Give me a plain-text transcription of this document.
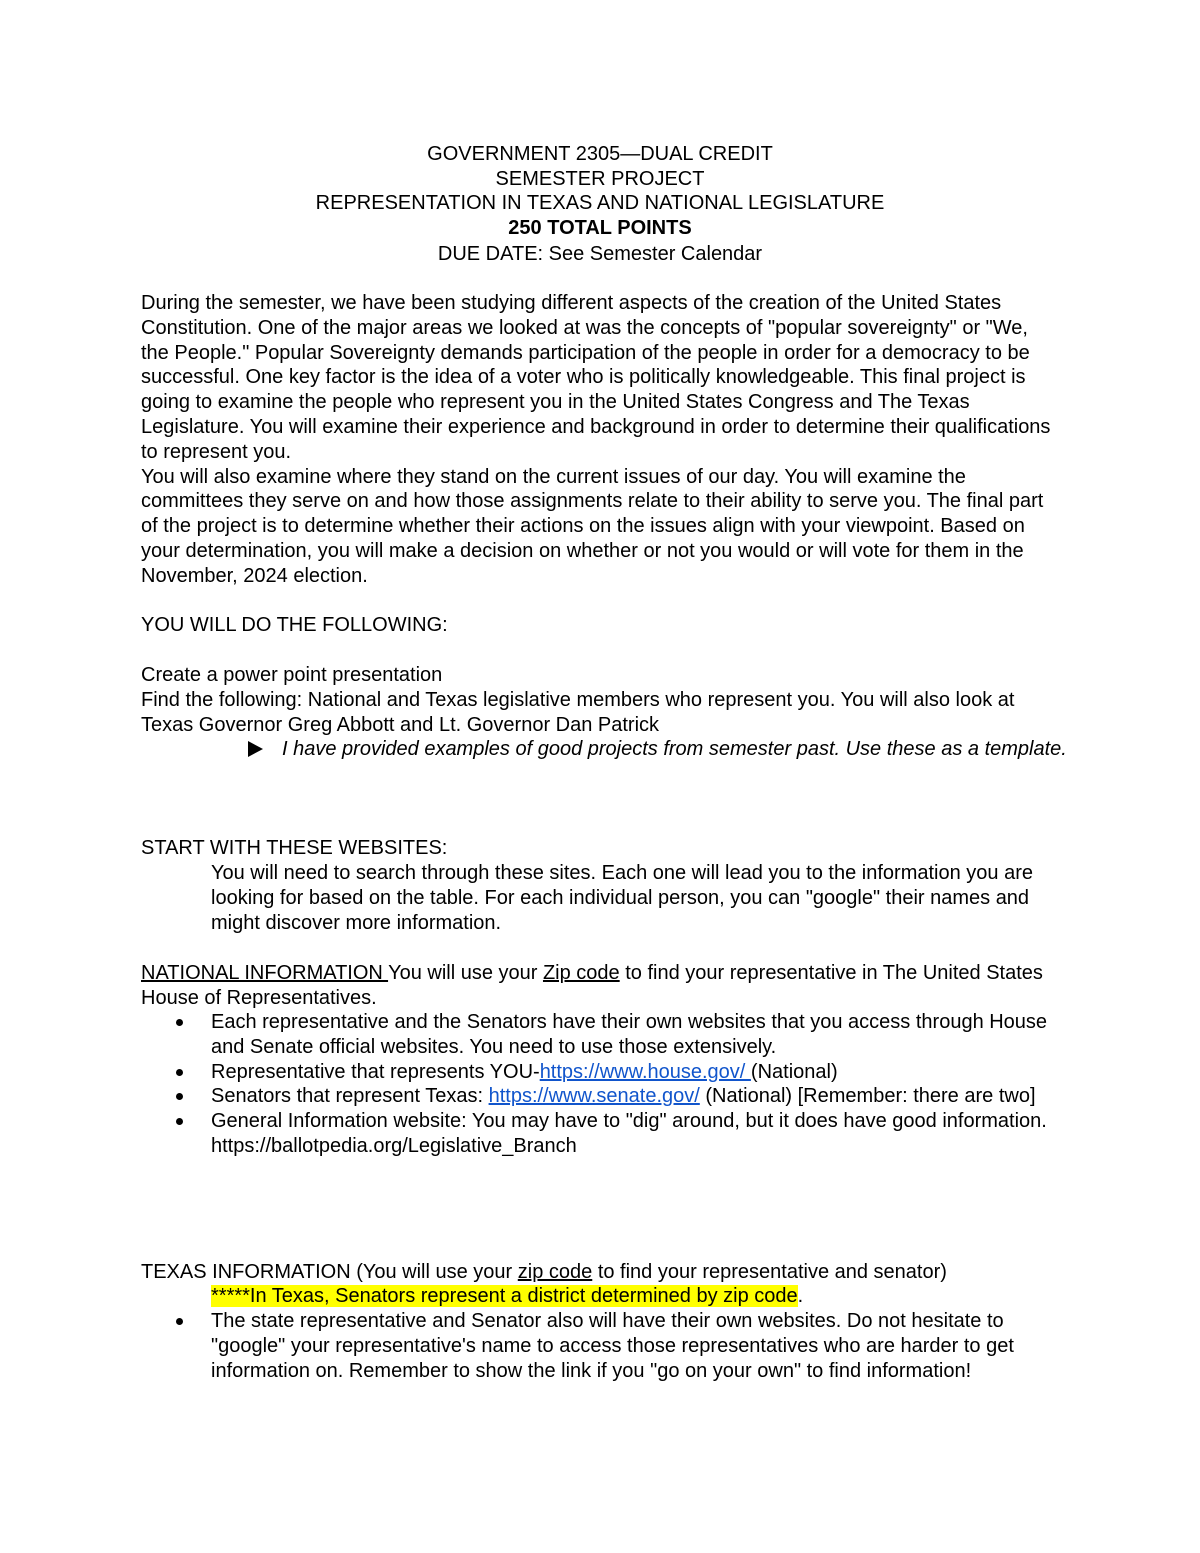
GOVERNMENT 2305—DUAL CREDIT
SEMESTER PROJECT
REPRESENTATION IN TEXAS AND NATIONAL LEGISLATURE
250 TOTAL POINTS
DUE DATE: See Semester Calendar

During the semester, we have been studying different aspects of the creation of the United States Constitution. One of the major areas we looked at was the concepts of "popular sovereignty" or "We, the People." Popular Sovereignty demands participation of the people in order for a democracy to be successful. One key factor is the idea of a voter who is politically knowledgeable. This final project is going to examine the people who represent you in the United States Congress and The Texas Legislature. You will examine their experience and background in order to determine their qualifications to represent you.

You will also examine where they stand on the current issues of our day. You will examine the committees they serve on and how those assignments relate to their ability to serve you. The final part of the project is to determine whether their actions on the issues align with your viewpoint. Based on your determination, you will make a decision on whether or not you would or will vote for them in the November, 2024 election.

YOU WILL DO THE FOLLOWING:
Create a power point presentation
Find the following: National and Texas legislative members who represent you. You will also look at Texas Governor Greg Abbott and Lt. Governor Dan Patrick
I have provided examples of good projects from semester past. Use these as a template.
START WITH THESE WEBSITES:

You will need to search through these sites. Each one will lead you to the information you are looking for based on the table. For each individual person, you can "google" their names and might discover more information.

NATIONAL INFORMATION You will use your Zip code to find your representative in The United States House of Representatives.
Each representative and the Senators have their own websites that you access through House and Senate official websites. You need to use those extensively.
Representative that represents YOU-https://www.house.gov/ (National)
Senators that represent Texas: https://www.senate.gov/ (National) [Remember: there are two]
General Information website: You may have to "dig" around, but it does have good information. https://ballotpedia.org/Legislative_Branch
TEXAS INFORMATION (You will use your zip code to find your representative and senator)
*****In Texas, Senators represent a district determined by zip code.
The state representative and Senator also will have their own websites. Do not hesitate to "google" your representative's name to access those representatives who are harder to get information on. Remember to show the link if you "go on your own" to find information!
